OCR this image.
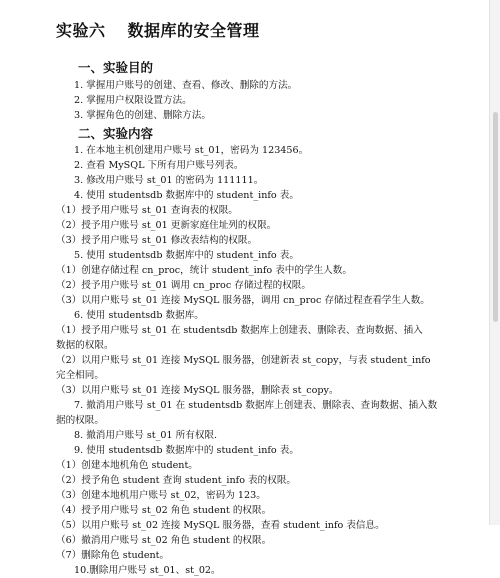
实验六 数据库的安全管理
一、实验目的
1. 掌握用户账号的创建、查看、修改、删除的方法。
2. 掌握用户权限设置方法。
3. 掌握角色的创建、删除方法。
二、实验内容
1. 在本地主机创建用户账号 st_01，密码为 123456。
2. 查看 MySQL 下所有用户账号列表。
3. 修改用户账号 st_01 的密码为 111111。
4. 使用 studentsdb 数据库中的 student_info 表。
（1）授予用户账号 st_01 查询表的权限。
（2）授予用户账号 st_01 更新家庭住址列的权限。
（3）授予用户账号 st_01 修改表结构的权限。
5. 使用 studentsdb 数据库中的 student_info 表。
（1）创建存储过程 cn_proc，统计 student_info 表中的学生人数。
（2）授予用户账号 st_01 调用 cn_proc 存储过程的权限。
（3）以用户账号 st_01 连接 MySQL 服务器，调用 cn_proc 存储过程查看学生人数。
6. 使用 studentsdb 数据库。
（1）授予用户账号 st_01 在 studentsdb 数据库上创建表、删除表、查询数据、插入
数据的权限。
（2）以用户账号 st_01 连接 MySQL 服务器，创建新表 st_copy，与表 student_info
完全相同。
（3）以用户账号 st_01 连接 MySQL 服务器，删除表 st_copy。
7. 撤消用户账号 st_01 在 studentsdb 数据库上创建表、删除表、查询数据、插入数
据的权限。
8. 撤消用户账号 st_01 所有权限.
9. 使用 studentsdb 数据库中的 student_info 表。
（1）创建本地机角色 student。
（2）授予角色 student 查询 student_info 表的权限。
（3）创建本地机用户账号 st_02，密码为 123。
（4）授予用户账号 st_02 角色 student 的权限。
（5）以用户账号 st_02 连接 MySQL 服务器，查看 student_info 表信息。
（6）撤消用户账号 st_02 角色 student 的权限。
（7）删除角色 student。
10.删除用户账号 st_01、st_02。
